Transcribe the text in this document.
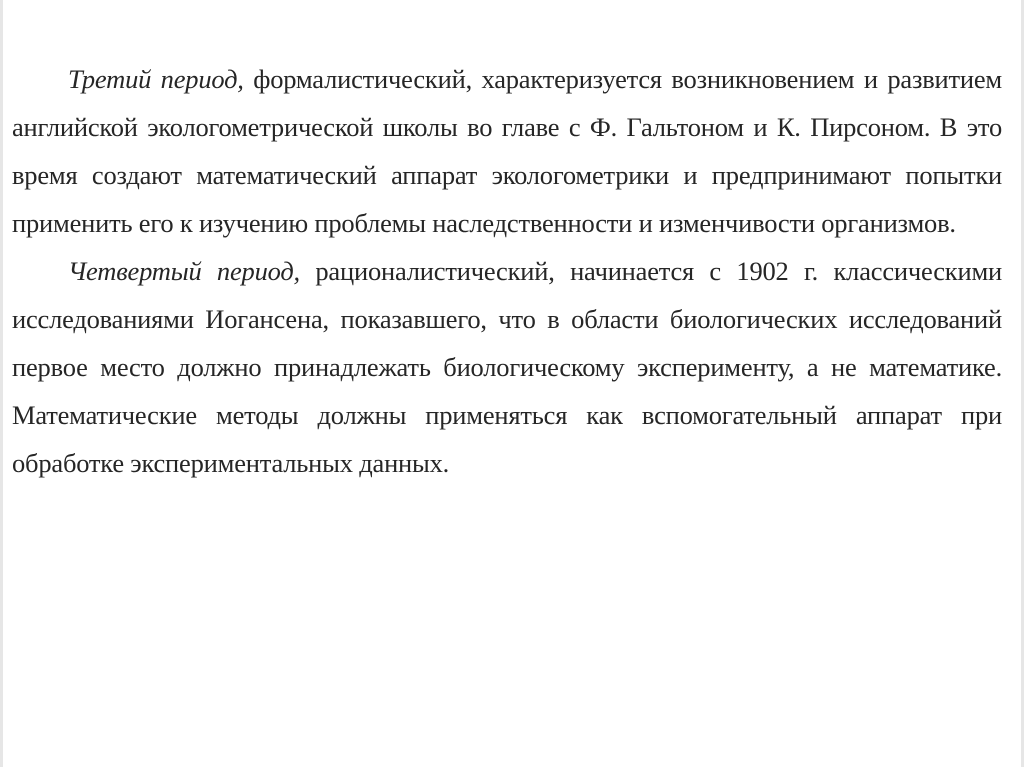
Третий период, формалистический, характеризуется возникновением и развитием английской экологометрической школы во главе с Ф. Гальтоном и К. Пирсоном. В это время создают математический аппарат экологометрики и предпринимают попытки применить его к изучению проблемы наследственности и изменчивости организмов.

Четвертый период, рационалистический, начинается с 1902 г. классическими исследованиями Иогансена, показавшего, что в области биологических исследований первое место должно принадлежать биологическому эксперименту, а не математике. Математические методы должны применяться как вспомогательный аппарат при обработке экспериментальных данных.
